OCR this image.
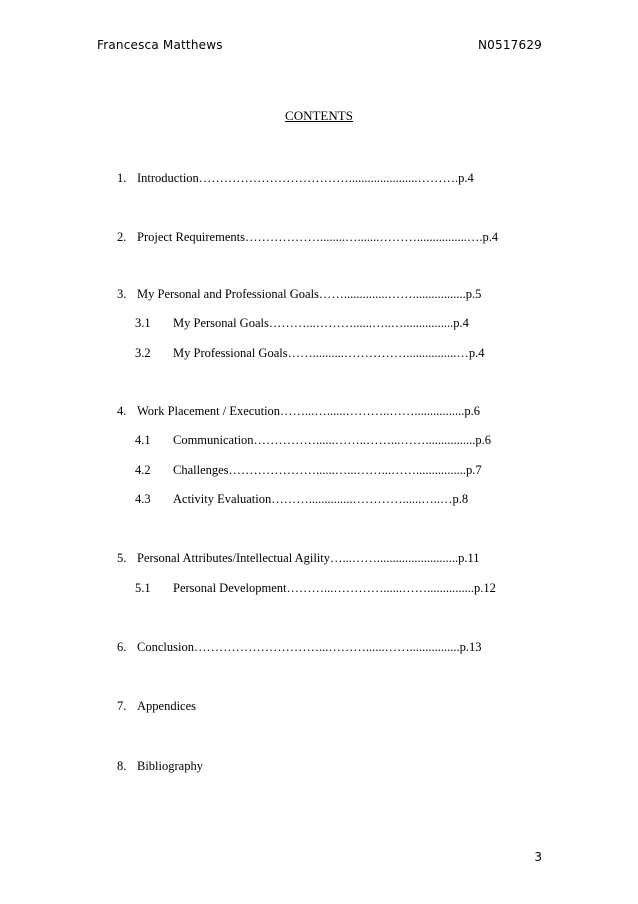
Francesca Matthews	N0517629
CONTENTS
1. Introduction………………………………......................……….p.4
2. Project Requirements………………........….......………................….p.4
3. My Personal and Professional Goals……..............…….................p.5
3.1 My Personal Goals………...………......…..…................p.4
3.2 My Professional Goals……..........……………................…p.4
4. Work Placement / Execution……...…......………..……................p.6
4.1 Communication……………......……..……...……................p.6
4.2 Challenges…………………......…...……...……................p.7
4.3 Activity Evaluation………..............…………......…..…p.8
5. Personal Attributes/Intellectual Agility…...……..........................p.11
5.1 Personal Development………...…………......……...............p.12
6. Conclusion…………………………...………......……................p.13
7. Appendices
8. Bibliography
3
